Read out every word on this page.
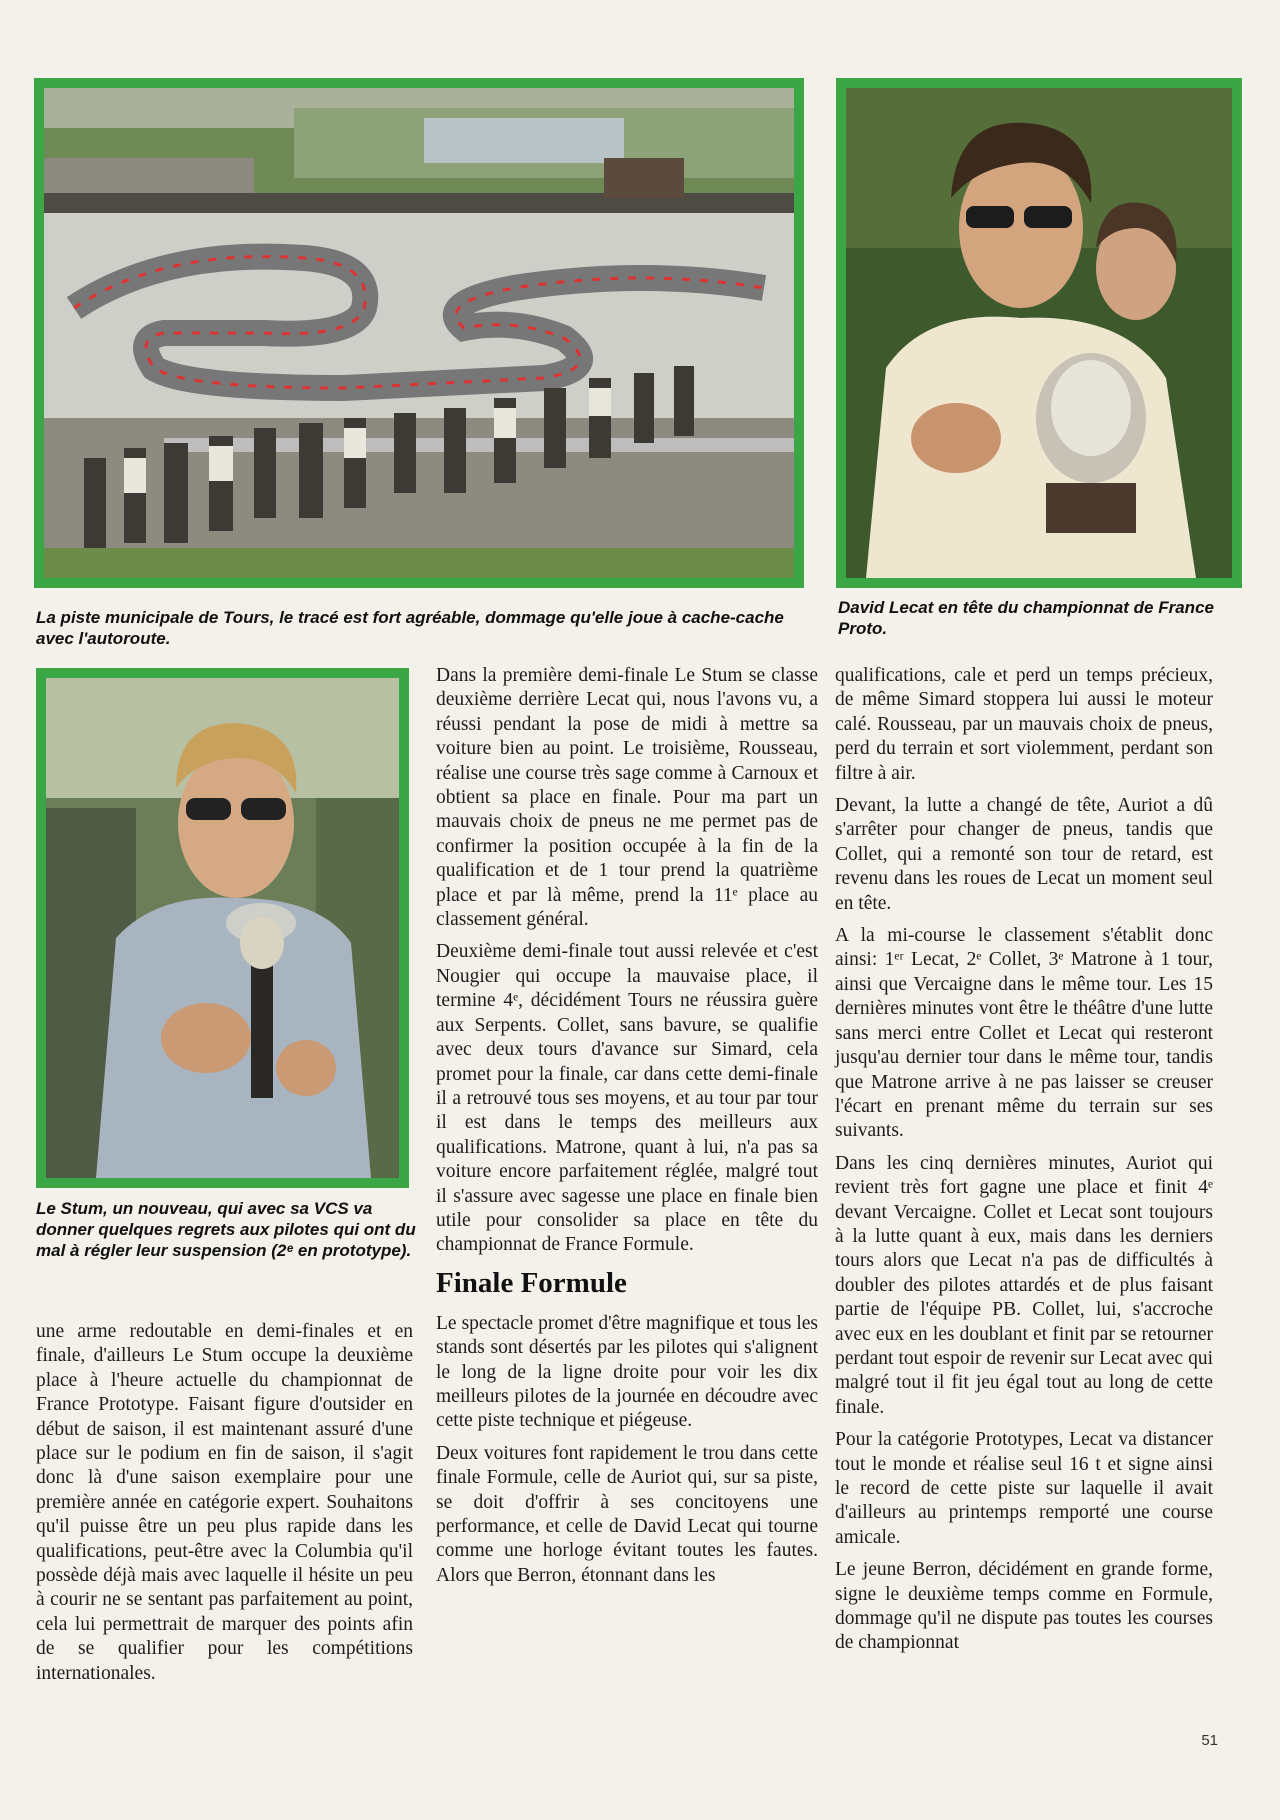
La piste municipale de Tours, le tracé est fort agréable, dommage qu'elle joue à cache-cache avec l'autoroute.
David Lecat en tête du championnat de France Proto.
Le Stum, un nouveau, qui avec sa VCS va donner quelques regrets aux pilotes qui ont du mal à régler leur suspension (2ᵉ en prototype).

une arme redoutable en demi-finales et en finale, d'ailleurs Le Stum occupe la deuxième place à l'heure actuelle du championnat de France Prototype. Faisant figure d'outsider en début de saison, il est maintenant assuré d'une place sur le podium en fin de saison, il s'agit donc là d'une saison exemplaire pour une première année en catégorie expert. Souhaitons qu'il puisse être un peu plus rapide dans les qualifications, peut-être avec la Columbia qu'il possède déjà mais avec laquelle il hésite un peu à courir ne se sentant pas parfaitement au point, cela lui permettrait de marquer des points afin de se qualifier pour les compétitions internationales.

Dans la première demi-finale Le Stum se classe deuxième derrière Lecat qui, nous l'avons vu, a réussi pendant la pose de midi à mettre sa voiture bien au point. Le troisième, Rousseau, réalise une course très sage comme à Carnoux et obtient sa place en finale. Pour ma part un mauvais choix de pneus ne me permet pas de confirmer la position occupée à la fin de la qualification et de 1 tour prend la quatrième place et par là même, prend la 11ᵉ place au classement général.

Deuxième demi-finale tout aussi relevée et c'est Nougier qui occupe la mauvaise place, il termine 4ᵉ, décidément Tours ne réussira guère aux Serpents. Collet, sans bavure, se qualifie avec deux tours d'avance sur Simard, cela promet pour la finale, car dans cette demi-finale il a retrouvé tous ses moyens, et au tour par tour il est dans le temps des meilleurs aux qualifications. Matrone, quant à lui, n'a pas sa voiture encore parfaitement réglée, malgré tout il s'assure avec sagesse une place en finale bien utile pour consolider sa place en tête du championnat de France Formule.

Finale Formule

Le spectacle promet d'être magnifique et tous les stands sont désertés par les pilotes qui s'alignent le long de la ligne droite pour voir les dix meilleurs pilotes de la journée en découdre avec cette piste technique et piégeuse.

Deux voitures font rapidement le trou dans cette finale Formule, celle de Auriot qui, sur sa piste, se doit d'offrir à ses concitoyens une performance, et celle de David Lecat qui tourne comme une horloge évitant toutes les fautes. Alors que Berron, étonnant dans les

qualifications, cale et perd un temps précieux, de même Simard stoppera lui aussi le moteur calé. Rousseau, par un mauvais choix de pneus, perd du terrain et sort violemment, perdant son filtre à air.

Devant, la lutte a changé de tête, Auriot a dû s'arrêter pour changer de pneus, tandis que Collet, qui a remonté son tour de retard, est revenu dans les roues de Lecat un moment seul en tête.

A la mi-course le classement s'établit donc ainsi: 1ᵉʳ Lecat, 2ᵉ Collet, 3ᵉ Matrone à 1 tour, ainsi que Vercaigne dans le même tour. Les 15 dernières minutes vont être le théâtre d'une lutte sans merci entre Collet et Lecat qui resteront jusqu'au dernier tour dans le même tour, tandis que Matrone arrive à ne pas laisser se creuser l'écart en prenant même du terrain sur ses suivants.

Dans les cinq dernières minutes, Auriot qui revient très fort gagne une place et finit 4ᵉ devant Vercaigne. Collet et Lecat sont toujours à la lutte quant à eux, mais dans les derniers tours alors que Lecat n'a pas de difficultés à doubler des pilotes attardés et de plus faisant partie de l'équipe PB. Collet, lui, s'accroche avec eux en les doublant et finit par se retourner perdant tout espoir de revenir sur Lecat avec qui malgré tout il fit jeu égal tout au long de cette finale.

Pour la catégorie Prototypes, Lecat va distancer tout le monde et réalise seul 16 t et signe ainsi le record de cette piste sur laquelle il avait d'ailleurs au printemps remporté une course amicale.

Le jeune Berron, décidément en grande forme, signe le deuxième temps comme en Formule, dommage qu'il ne dispute pas toutes les courses de championnat

51
